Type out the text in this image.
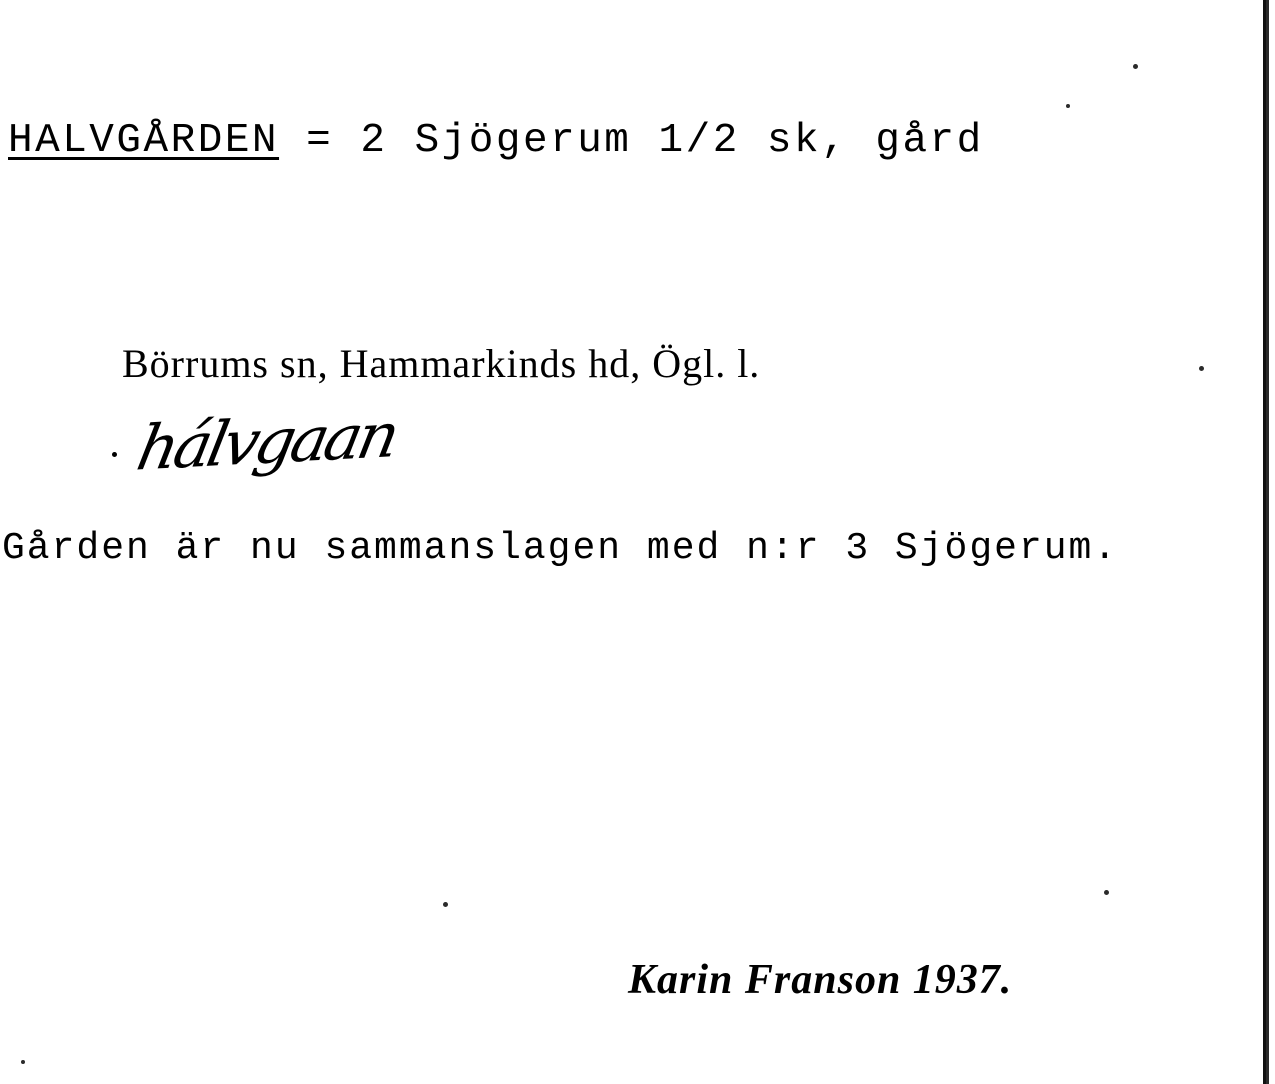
HALVGÅRDEN = 2 Sjögerum 1/2 sk, gård
Börrums sn, Hammarkinds hd, Ögl. l.
hálvgaan
Gården är nu sammanslagen med n:r 3 Sjögerum.
Karin Franson 1937.
